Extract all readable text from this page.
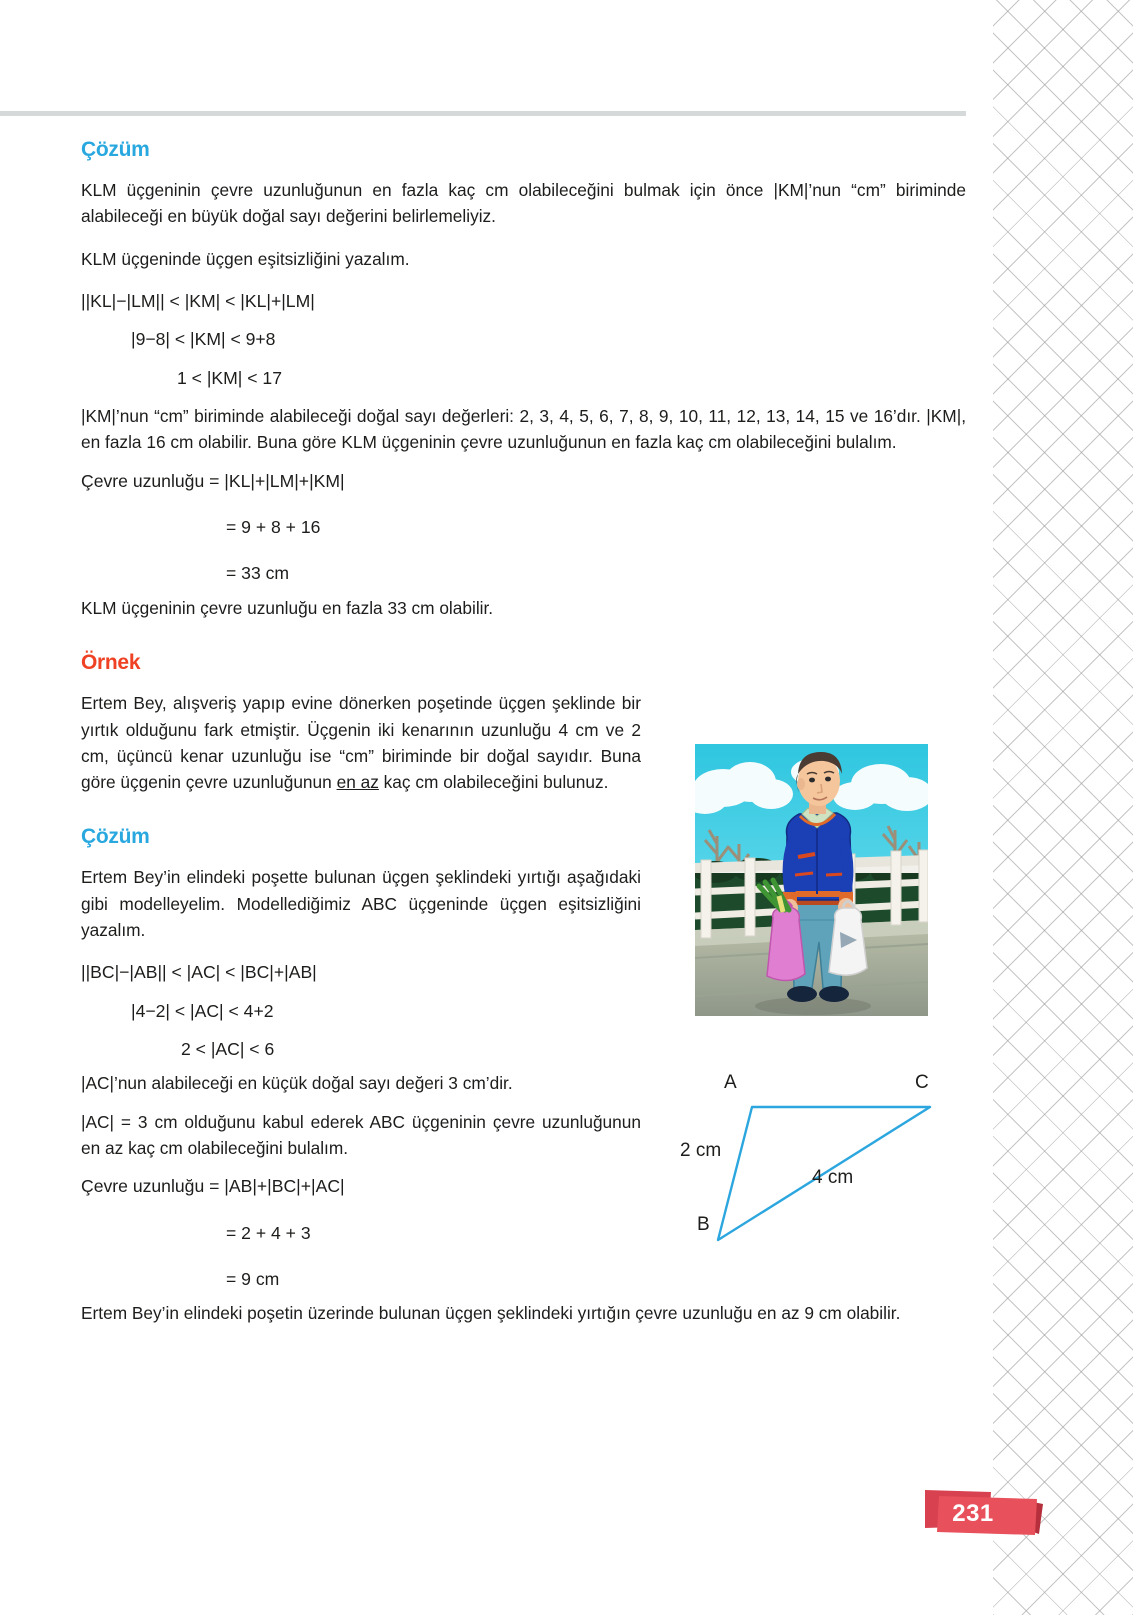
Çözüm

KLM üçgeninin çevre uzunluğunun en fazla kaç cm olabileceğini bulmak için önce |KM|’nun “cm” biriminde alabileceği en büyük doğal sayı değerini belirlemeliyiz.

KLM üçgeninde üçgen eşitsizliğini yazalım.

||KL|−|LM|| < |KM| < |KL|+|LM|
|9−8| < |KM| < 9+8
1 < |KM| < 17

|KM|’nun “cm” biriminde alabileceği doğal sayı değerleri: 2, 3, 4, 5, 6, 7, 8, 9, 10, 11, 12, 13, 14, 15 ve 16’dır. |KM|, en fazla 16 cm olabilir. Buna göre KLM üçgeninin çevre uzunluğunun en fazla kaç cm olabileceğini bulalım.

Çevre uzunluğu = |KL|+|LM|+|KM|
= 9 + 8 + 16
= 33 cm

KLM üçgeninin çevre uzunluğu en fazla 33 cm olabilir.

Örnek

Ertem Bey, alışveriş yapıp evine dönerken poşetinde üçgen şeklinde bir yırtık olduğunu fark etmiştir. Üçgenin iki kenarının uzunluğu 4 cm ve 2 cm, üçüncü kenar uzunluğu ise “cm” biriminde bir doğal sayıdır. Buna göre üçgenin çevre uzunluğunun en az kaç cm olabileceğini bulunuz.

Çözüm

Ertem Bey’in elindeki poşette bulunan üçgen şeklindeki yırtığı aşağıdaki gibi modelleyelim. Modellediğimiz ABC üçgeninde üçgen eşitsizliğini yazalım.

||BC|−|AB|| < |AC| < |BC|+|AB|
|4−2| < |AC| < 4+2
2 < |AC| < 6

|AC|’nun alabileceği en küçük doğal sayı değeri 3 cm’dir.

|AC| = 3 cm olduğunu kabul ederek ABC üçgeninin çevre uzunluğunun en az kaç cm olabileceğini bulalım.

Çevre uzunluğu = |AB|+|BC|+|AC|
= 2 + 4 + 3
= 9 cm

Ertem Bey’in elindeki poşetin üzerinde bulunan üçgen şeklindeki yırtığın çevre uzunluğu en az 9 cm olabilir.

A
B
C
2 cm
4 cm
231
